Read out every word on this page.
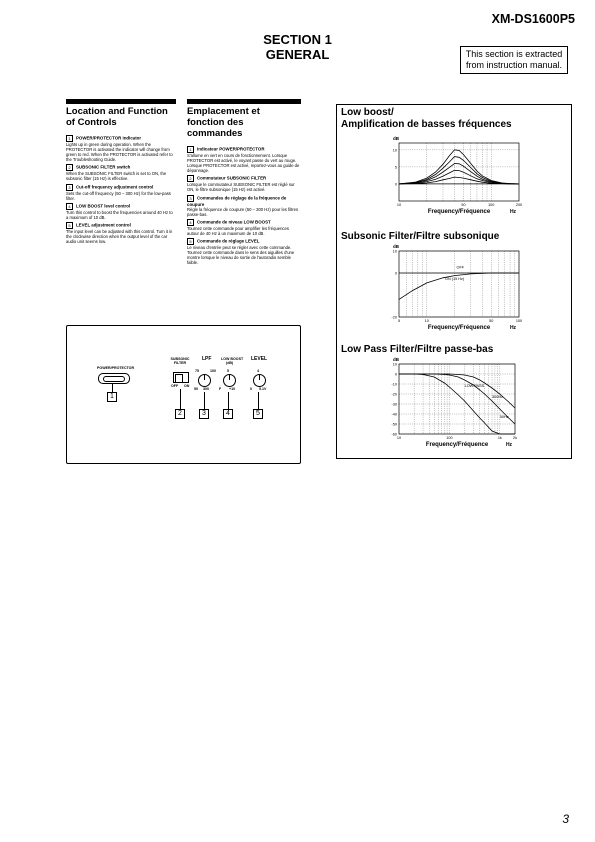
XM-DS1600P5
SECTION 1
GENERAL	This section is extracted from instruction manual.
Location and Function
of Controls
1 POWER/PROTECTOR indicator
Lights up in green during operation. When the PROTECTOR is activated the indicator will change from green to red. When the PROTECTOR is activated refer to the Troubleshooting Guide.
2 SUBSONIC FILTER switch
When the SUBSONIC FILTER switch is set to ON, the subsonic filter (15 Hz) is effective.
3 Cut-off frequency adjustment control
Sets the cut-off frequency (50 – 300 Hz) for the low-pass filter.
4 LOW BOOST level control
Turn this control to boost the frequencies around 40 Hz to a maximum of 10 dB.
5 LEVEL adjustment control
The input level can be adjusted with this control. Turn it in the clockwise direction when the output level of the car audio unit seems low.
Emplacement et
fonction des commandes
1 Indicateur POWER/PROTECTOR
S'allume en vert en cours de fonctionnement. Lorsque PROTECTOR est activé, le voyant passe du vert au rouge. Lorsque PROTECTOR est activé, reportez-vous au guide de dépannage.
2 Commutateur SUBSONIC FILTER
Lorsque le commutateur SUBSONIC FILTER est réglé sur ON, le filtre subsonique (15 Hz) est activé.
3 Commandes de réglage de la fréquence de coupure
Règle la fréquence de coupure (50 – 300 Hz) pour les filtres passe-bas.
4 Commande de niveau LOW BOOST
Tournez cette commande pour amplifier les fréquences autour de 40 Hz à un maximum de 10 dB.
5 Commande de réglage LEVEL
Le niveau d'entrée peut se régler avec cette commande. Tournez cette commande dans le sens des aiguilles d'une montre lorsque le niveau de sortie de l'autoradio semble faible.
Low boost/
Amplification de basses fréquences
dB
10
5
0
10	50	100	200
Frequency/Fréquence	Hz
Subsonic Filter/Filtre subsonique
dB
10
0
-20
5	10	50	100
Frequency/Fréquence	Hz
OFF
ON (15 Hz)
Low Pass Filter/Filtre passe-bas
dB
10
0
-10
-20
-30
-40
-50
-60
10	100	1k	2k
Frequency/Fréquence	Hz
LOW PASS
300Hz
50Hz
POWER/PROTECTOR
1
SUBSONIC
FILTER
OFF ON
2
LPF
75	100
50 300
3
LOW BOOST
(dB)
5
F +10
4
LEVEL
4
0 5.1V
5
3
